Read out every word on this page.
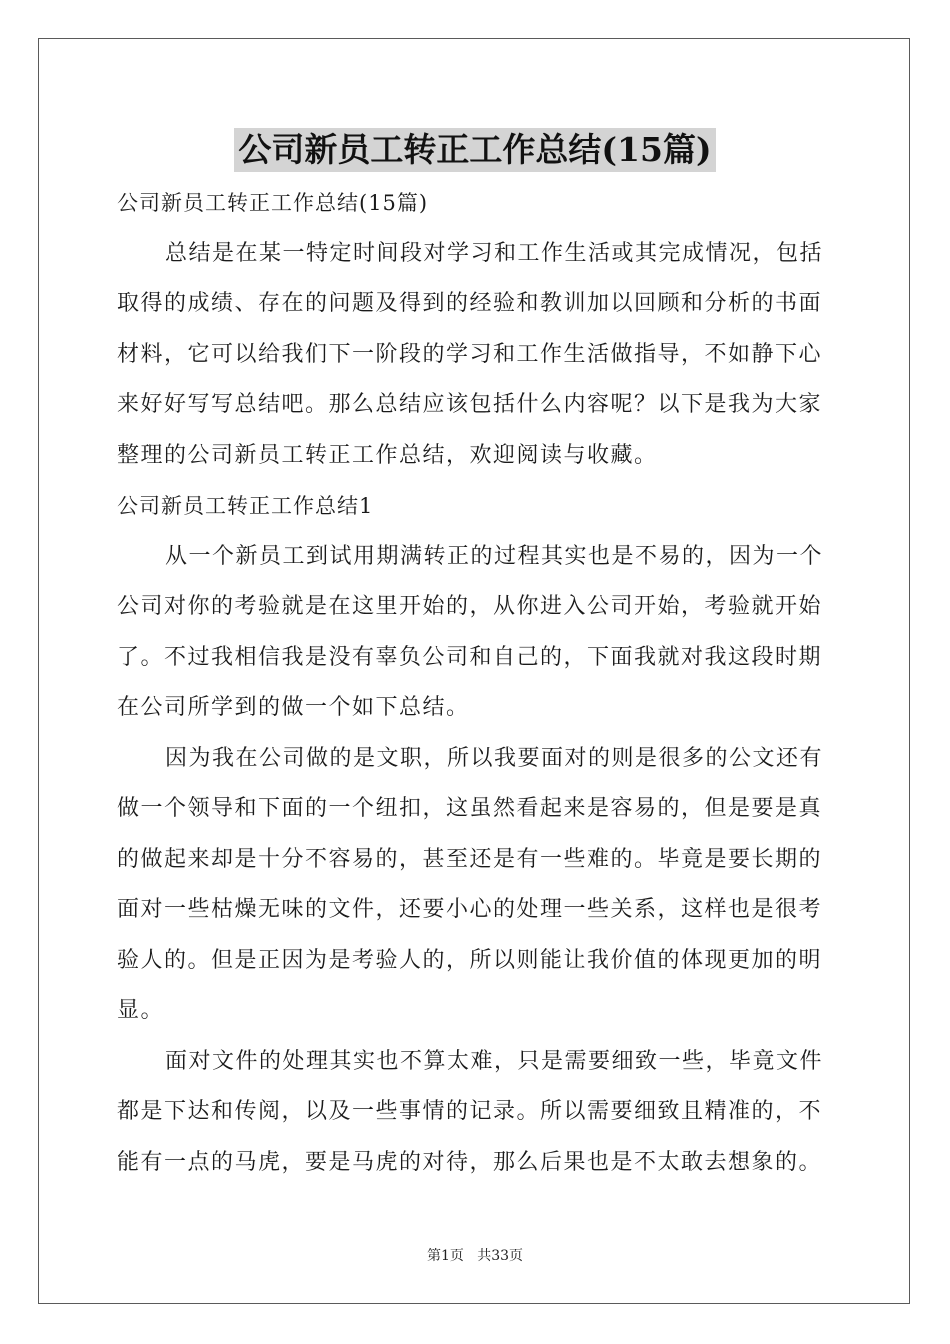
公司新员工转正工作总结(15篇)
公司新员工转正工作总结(15篇)
总结是在某一特定时间段对学习和工作生活或其完成情况，包括
取得的成绩、存在的问题及得到的经验和教训加以回顾和分析的书面
材料，它可以给我们下一阶段的学习和工作生活做指导，不如静下心
来好好写写总结吧。那么总结应该包括什么内容呢？以下是我为大家
整理的公司新员工转正工作总结，欢迎阅读与收藏。
公司新员工转正工作总结1
从一个新员工到试用期满转正的过程其实也是不易的，因为一个
公司对你的考验就是在这里开始的，从你进入公司开始，考验就开始
了。不过我相信我是没有辜负公司和自己的，下面我就对我这段时期
在公司所学到的做一个如下总结。
因为我在公司做的是文职，所以我要面对的则是很多的公文还有
做一个领导和下面的一个纽扣，这虽然看起来是容易的，但是要是真
的做起来却是十分不容易的，甚至还是有一些难的。毕竟是要长期的
面对一些枯燥无味的文件，还要小心的处理一些关系，这样也是很考
验人的。但是正因为是考验人的，所以则能让我价值的体现更加的明
显。
面对文件的处理其实也不算太难，只是需要细致一些，毕竟文件
都是下达和传阅，以及一些事情的记录。所以需要细致且精准的，不
能有一点的马虎，要是马虎的对待，那么后果也是不太敢去想象的。
第1页   共33页
